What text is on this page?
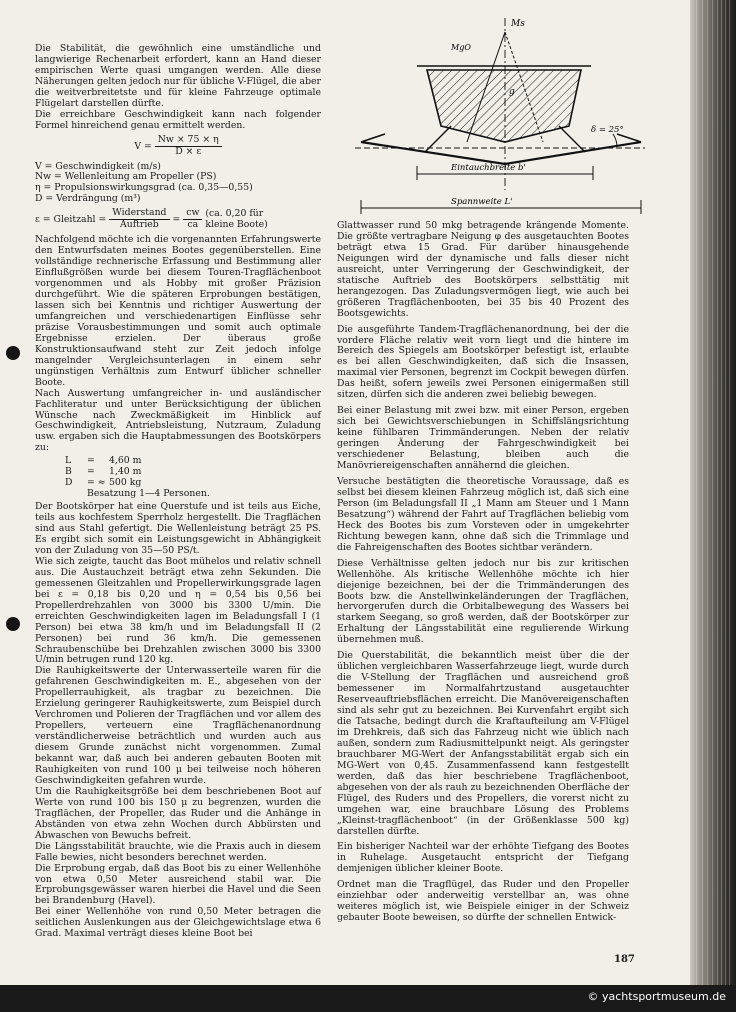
Ms
MgO
g
δ = 25°
Eintauchbreite b'
Spannweite L'

Die Stabilität, die gewöhnlich eine umständliche und langwierige Rechenarbeit erfordert, kann an Hand dieser empirischen Werte quasi umgangen werden. Alle diese Näherungen gelten jedoch nur für übliche V-Flügel, die aber die weitverbreitetste und für kleine Fahrzeuge optimale Flügelart darstellen dürfte.

Die erreichbare Geschwindigkeit kann nach folgender Formel hinreichend genau ermittelt werden.

$V = \frac{Nw \times 75 \times \eta}{D \times \varepsilon}$
V = Geschwindigkeit (m/s)
Nw = Wellenleitung am Propeller (PS)
η = Propulsionswirkungsgrad (ca. 0,35—0,55)
D = Verdrängung (m³)
ε = Gleitzahl = $\frac{\text{Widerstand}}{\text{Auftrieb}} = \frac{cw}{ca}$
(ca. 0,20 für
kleine Boote)

Nachfolgend möchte ich die vorgenannten Erfahrungswerte den Entwurfsdaten meines Bootes gegenüberstellen. Eine vollständige rechnerische Erfassung und Bestimmung aller Einflußgrößen wurde bei diesem Touren-Tragflächenboot vorgenommen und als Hobby mit großer Präzision durchgeführt. Wie die späteren Erprobungen bestätigen, lassen sich bei Kenntnis und richtiger Auswertung der umfangreichen und verschiedenartigen Einflüsse sehr präzise Vorausbestimmungen und somit auch optimale Ergebnisse erzielen. Der überaus große Konstruktionsaufwand steht zur Zeit jedoch infolge mangelnder Vergleichsunterlagen in einem sehr ungünstigen Verhältnis zum Entwurf üblicher schneller Boote.

Nach Auswertung umfangreicher in- und ausländischer Fachliteratur und unter Berücksichtigung der üblichen Wünsche nach Zweckmäßigkeit im Hinblick auf Geschwindigkeit, Antriebsleistung, Nutzraum, Zuladung usw. ergaben sich die Hauptabmessungen des Bootskörpers zu:

L = 4,60 m
B = 1,40 m
D = ≈ 500 kg
Besatzung 1—4 Personen.

Der Bootskörper hat eine Querstufe und ist teils aus Eiche, teils aus kochfestem Sperrholz hergestellt. Die Tragflächen sind aus Stahl gefertigt. Die Wellenleistung beträgt 25 PS. Es ergibt sich somit ein Leistungsgewicht in Abhängigkeit von der Zuladung von 35—50 PS/t.

Wie sich zeigte, taucht das Boot mühelos und relativ schnell aus. Die Austauchzeit beträgt etwa zehn Sekunden. Die gemessenen Gleitzahlen und Propellerwirkungsgrade lagen bei ε = 0,18 bis 0,20 und η = 0,54 bis 0,56 bei Propellerdrehzahlen von 3000 bis 3300 U/min. Die erreichten Geschwindigkeiten lagen im Beladungsfall I (1 Person) bei etwa 38 km/h und im Beladungsfall II (2 Personen) bei rund 36 km/h. Die gemessenen Schraubenschübe bei Drehzahlen zwischen 3000 bis 3300 U/min betrugen rund 120 kg.

Die Rauhigkeitswerte der Unterwasserteile waren für die gefahrenen Geschwindigkeiten m. E., abgesehen von der Propellerrauhigkeit, als tragbar zu bezeichnen. Die Erzielung geringerer Rauhigkeitswerte, zum Beispiel durch Verchromen und Polieren der Tragflächen und vor allem des Propellers, verteuern eine Tragflächenanordnung verständlicherweise beträchtlich und wurden auch aus diesem Grunde zunächst nicht vorgenommen. Zumal bekannt war, daß auch bei anderen gebauten Booten mit Rauhigkeiten von rund 100 μ bei teilweise noch höheren Geschwindigkeiten gefahren wurde.

Um die Rauhigkeitsgröße bei dem beschriebenen Boot auf Werte von rund 100 bis 150 μ zu begrenzen, wurden die Tragflächen, der Propeller, das Ruder und die Anhänge in Abständen von etwa zehn Wochen durch Abbürsten und Abwaschen von Bewuchs befreit.

Die Längsstabilität brauchte, wie die Praxis auch in diesem Falle bewies, nicht besonders berechnet werden.

Die Erprobung ergab, daß das Boot bis zu einer Wellenhöhe von etwa 0,50 Meter ausreichend stabil war. Die Erprobungsgewässer waren hierbei die Havel und die Seen bei Brandenburg (Havel).

Bei einer Wellenhöhe von rund 0,50 Meter betragen die seitlichen Auslenkungen aus der Gleichgewichtslage etwa 6 Grad. Maximal verträgt dieses kleine Boot bei

Glattwasser rund 50 mkg betragende krängende Momente. Die größte vertragbare Neigung φ des ausgetauchten Bootes beträgt etwa 15 Grad. Für darüber hinausgehende Neigungen wird der dynamische und falls dieser nicht ausreicht, unter Verringerung der Geschwindigkeit, der statische Auftrieb des Bootskörpers selbsttätig mit herangezogen. Das Zuladungsvermögen liegt, wie auch bei größeren Tragflächenbooten, bei 35 bis 40 Prozent des Bootsgewichts.

Die ausgeführte Tandem-Tragflächenanordnung, bei der die vordere Fläche relativ weit vorn liegt und die hintere im Bereich des Spiegels am Bootskörper befestigt ist, erlaubte es bei allen Geschwindigkeiten, daß sich die Insassen, maximal vier Personen, begrenzt im Cockpit bewegen dürfen. Das heißt, sofern jeweils zwei Personen einigermaßen still sitzen, dürfen sich die anderen zwei beliebig bewegen.

Bei einer Belastung mit zwei bzw. mit einer Person, ergeben sich bei Gewichtsverschiebungen in Schiffslängsrichtung keine fühlbaren Trimmänderungen. Neben der relativ geringen Änderung der Fahrgeschwindigkeit bei verschiedener Belastung, bleiben auch die Manövriereigenschaften annähernd die gleichen.

Versuche bestätigten die theoretische Voraussage, daß es selbst bei diesem kleinen Fahrzeug möglich ist, daß sich eine Person (im Beladungsfall II „1 Mann am Steuer und 1 Mann Besatzung“) während der Fahrt auf Tragflächen beliebig vom Heck des Bootes bis zum Vorsteven oder in umgekehrter Richtung bewegen kann, ohne daß sich die Trimmlage und die Fahreigenschaften des Bootes sichtbar verändern.

Diese Verhältnisse gelten jedoch nur bis zur kritischen Wellenhöhe. Als kritische Wellenhöhe möchte ich hier diejenige bezeichnen, bei der die Trimmänderungen des Boots bzw. die Anstellwinkeländerungen der Tragflächen, hervorgerufen durch die Orbitalbewegung des Wassers bei starkem Seegang, so groß werden, daß der Bootskörper zur Erhaltung der Längsstabilität eine regulierende Wirkung übernehmen muß.

Die Querstabilität, die bekanntlich meist über die der üblichen vergleichbaren Wasserfahrzeuge liegt, wurde durch die V-Stellung der Tragflächen und ausreichend groß bemessener im Normalfahrtzustand ausgetauchter Reserveauftriebsflächen erreicht. Die Manövereigenschaften sind als sehr gut zu bezeichnen. Bei Kurvenfahrt ergibt sich die Tatsache, bedingt durch die Kraftaufteilung am V-Flügel im Drehkreis, daß sich das Fahrzeug nicht wie üblich nach außen, sondern zum Radiusmittelpunkt neigt. Als geringster brauchbarer MG-Wert der Anfangsstabilität ergab sich ein MG-Wert von 0,45. Zusammenfassend kann festgestellt werden, daß das hier beschriebene Tragflächenboot, abgesehen von der als rauh zu bezeichnenden Oberfläche der Flügel, des Ruders und des Propellers, die vorerst nicht zu umgehen war, eine brauchbare Lösung des Problems „Kleinst-tragflächenboot“ (in der Größenklasse 500 kg) darstellen dürfte.

Ein bisheriger Nachteil war der erhöhte Tiefgang des Bootes in Ruhelage. Ausgetaucht entspricht der Tiefgang demjenigen üblicher kleiner Boote.

Ordnet man die Tragflügel, das Ruder und den Propeller einziehbar oder anderweitig verstellbar an, was ohne weiteres möglich ist, wie Beispiele einiger in der Schweiz gebauter Boote beweisen, so dürfte der schnellen Entwick-

187
© yachtsportmuseum.de
